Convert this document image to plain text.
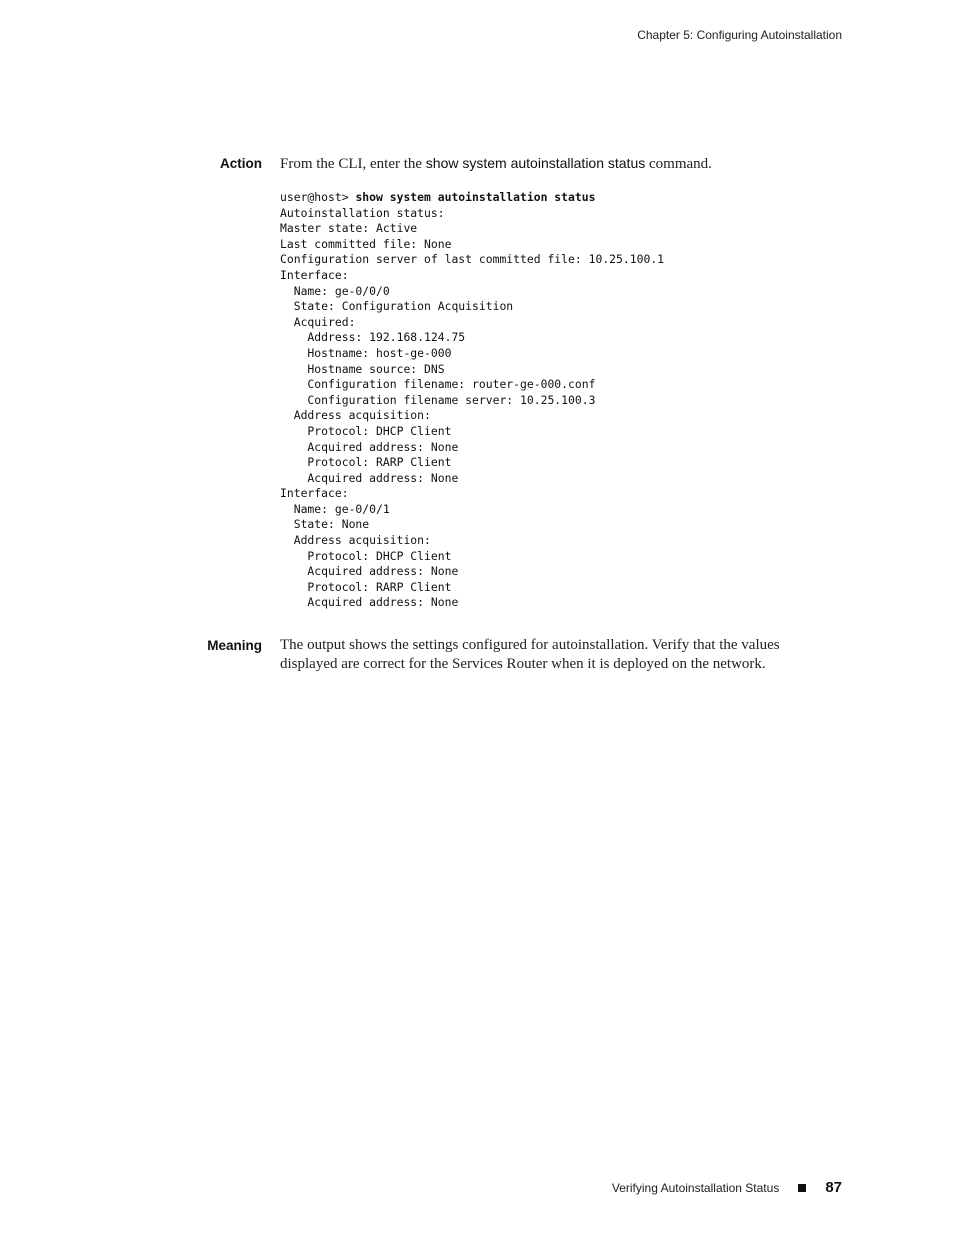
Chapter 5: Configuring Autoinstallation
Action From the CLI, enter the show system autoinstallation status command.
user@host> show system autoinstallation status
Autoinstallation status:
Master state: Active
Last committed file: None
Configuration server of last committed file: 10.25.100.1
Interface:
Name: ge-0/0/0
State: Configuration Acquisition
Acquired:
Address: 192.168.124.75
Hostname: host-ge-000
Hostname source: DNS
Configuration filename: router-ge-000.conf
Configuration filename server: 10.25.100.3
Address acquisition:
Protocol: DHCP Client
Acquired address: None
Protocol: RARP Client
Acquired address: None
Interface:
Name: ge-0/0/1
State: None
Address acquisition:
Protocol: DHCP Client
Acquired address: None
Protocol: RARP Client
Acquired address: None
Meaning The output shows the settings configured for autoinstallation. Verify that the values
displayed are correct for the Services Router when it is deployed on the network.
Verifying Autoinstallation Status	87
